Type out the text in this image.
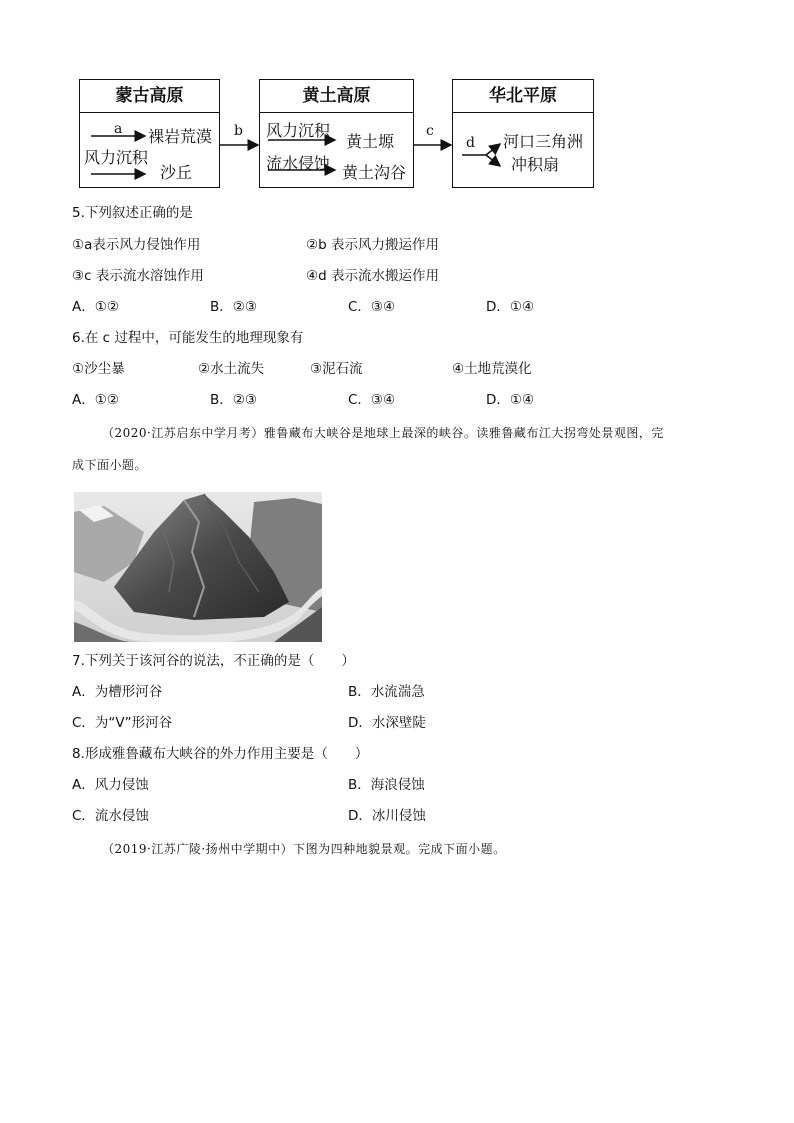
蒙古高原
裸岩荒漠
风力沉积
沙丘
黄土高原
风力沉积
黄土塬
流水侵蚀 黄土沟谷
华北平原
河口三角洲
冲积扇
a	b	c
d
5.下列叙述正确的是
①a表示风力侵蚀作用	②b 表示风力搬运作用
③c 表示流水溶蚀作用	④d 表示流水搬运作用
A．①②	B．②③	C．③④	D．①④
6.在 c 过程中，可能发生的地理现象有
①沙尘暴	②水土流失	③泥石流	④土地荒漠化
A．①②	B．②③	C．③④	D．①④
（2020·江苏启东中学月考）雅鲁藏布大峡谷是地球上最深的峡谷。读雅鲁藏布江大拐弯处景观图，完
成下面小题。
7.下列关于该河谷的说法，不正确的是（　　）
A．为槽形河谷	B．水流湍急
C．为“V”形河谷	D．水深壁陡
8.形成雅鲁藏布大峡谷的外力作用主要是（　　）
A．风力侵蚀	B．海浪侵蚀
C．流水侵蚀	D．冰川侵蚀
（2019·江苏广陵·扬州中学期中）下图为四种地貌景观。完成下面小题。
